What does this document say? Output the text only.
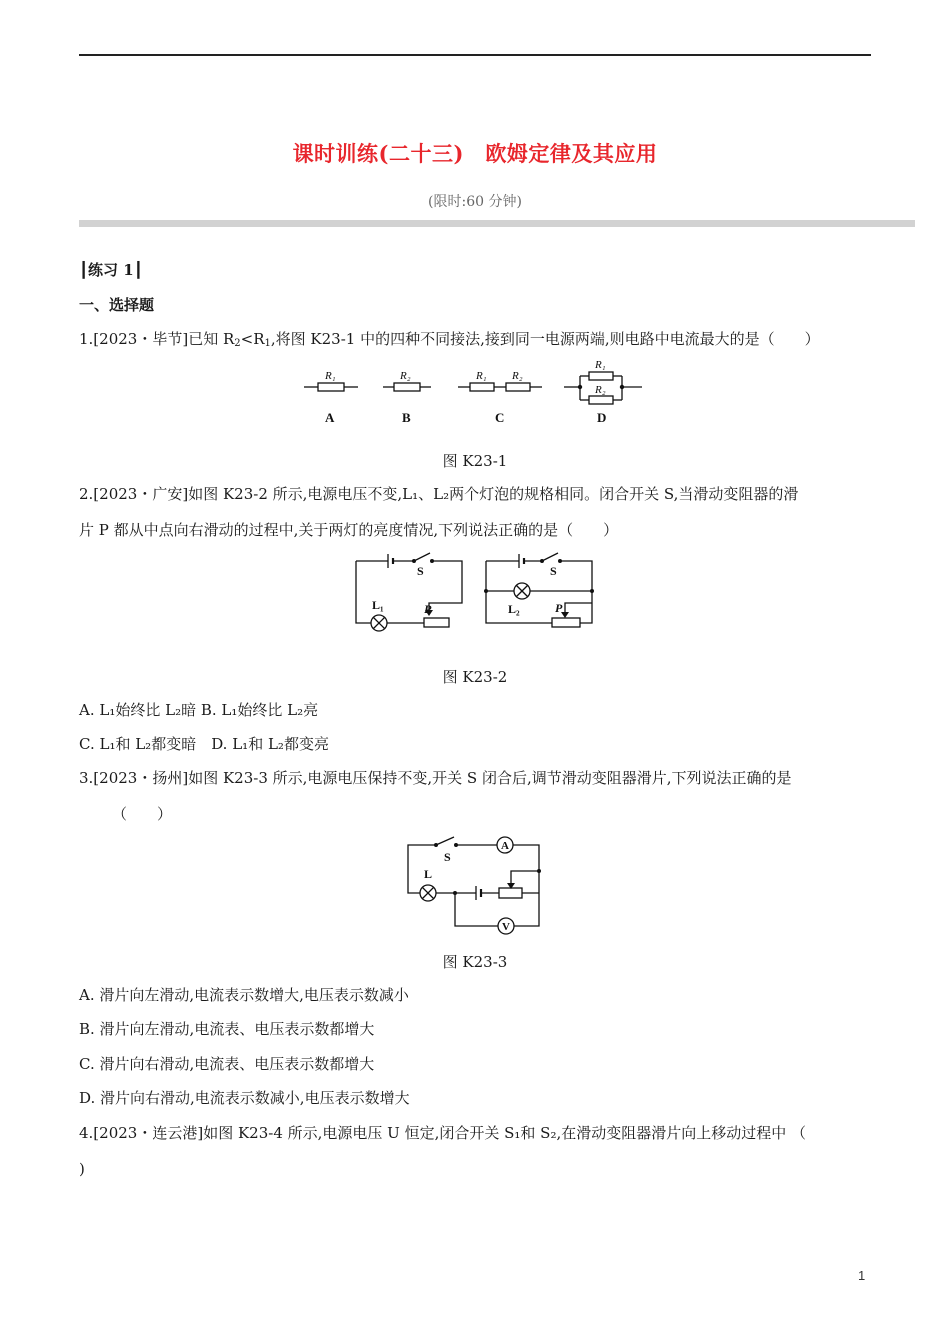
课时训练(二十三)　欧姆定律及其应用
(限时:60 分钟)
┃练习 1┃
一、选择题
1.[2023・毕节]已知 $R_2<R_1$,将图 K23-1 中的四种不同接法,接到同一电源两端,则电路中电流最大的是（　　）
R₁	R₂	R₁ R₂
R₁
R₂
A	B	C	D
图 K23-1
2.[2023・广安]如图 K23-2 所示,电源电压不变,L₁、L₂两个灯泡的规格相同。闭合开关 S,当滑动变阻器的滑
片 P 都从中点向右滑动的过程中,关于两灯的亮度情况,下列说法正确的是（　　）
S	S
L₁	L₂
P	P
图 K23-2
A. L₁始终比 L₂暗 B. L₁始终比 L₂亮
C. L₁和 L₂都变暗　D. L₁和 L₂都变亮
3.[2023・扬州]如图 K23-3 所示,电源电压保持不变,开关 S 闭合后,调节滑动变阻器滑片,下列说法正确的是
（　　）
A
V
S
L
图 K23-3
A. 滑片向左滑动,电流表示数增大,电压表示数减小
B. 滑片向左滑动,电流表、电压表示数都增大
C. 滑片向右滑动,电流表、电压表示数都增大
D. 滑片向右滑动,电流表示数减小,电压表示数增大
4.[2023・连云港]如图 K23-4 所示,电源电压 U 恒定,闭合开关 S₁和 S₂,在滑动变阻器滑片向上移动过程中 （
)
1
